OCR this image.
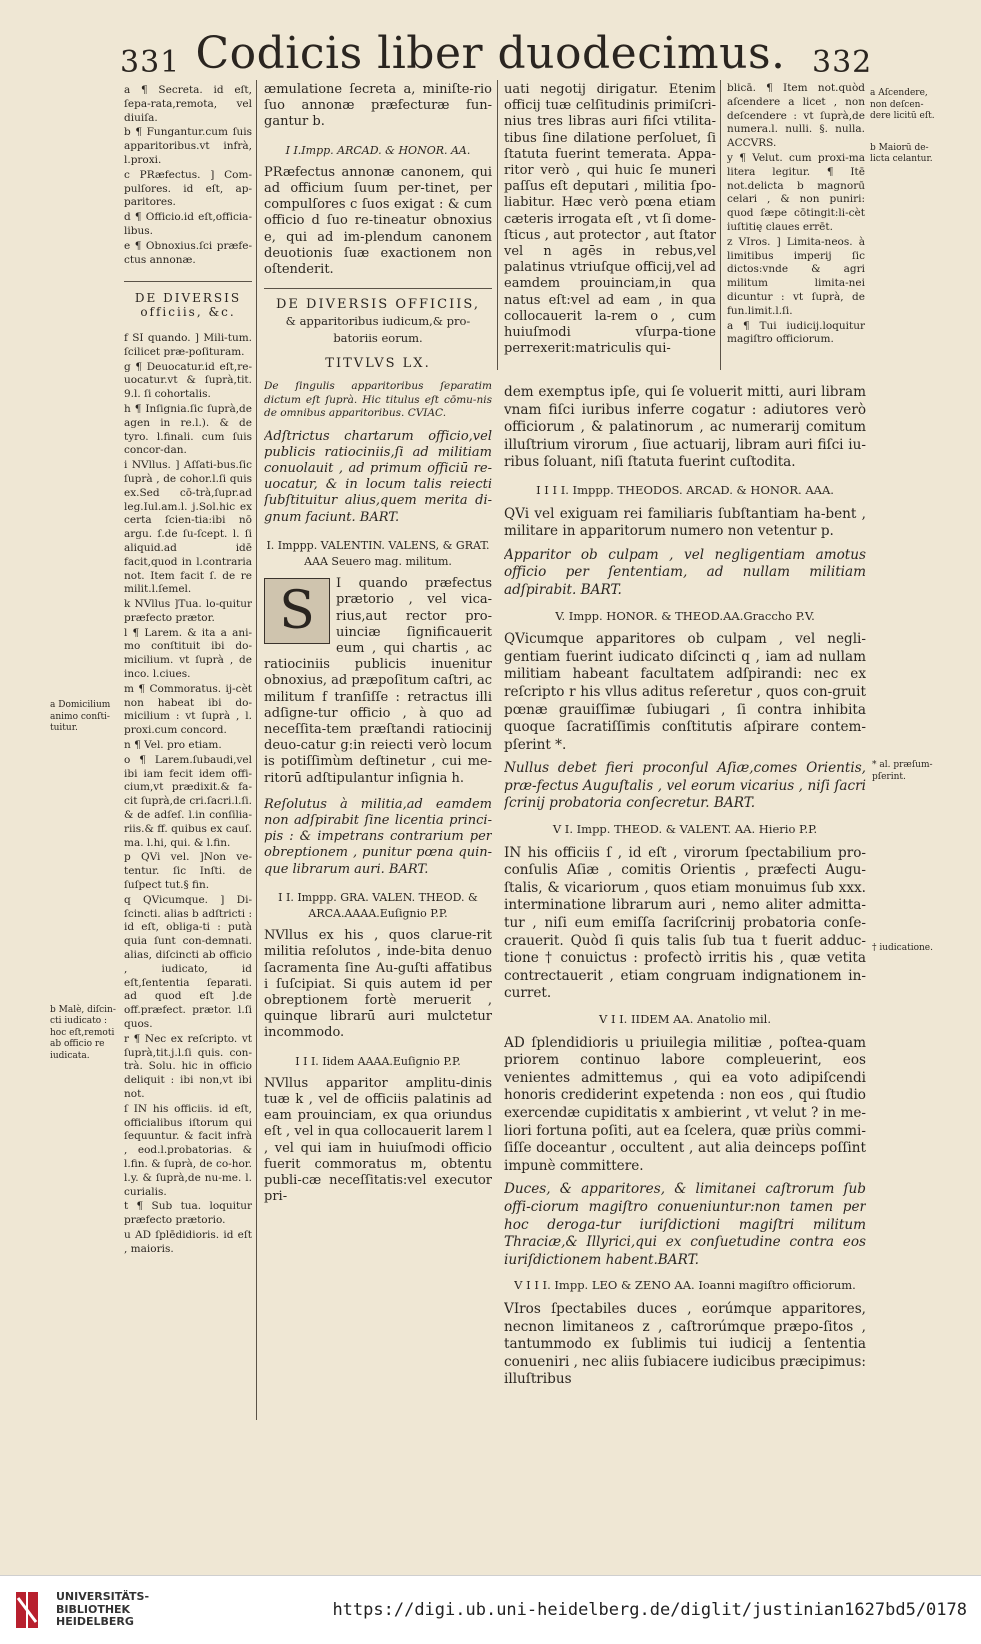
331 Codicis liber duodecimus. 332

a Domicilium animo conſti-tuitur.

b Malè, diſcin-cti iudicato : hoc eſt,remoti ab officio re iudicata.

a ¶ Secreta. id eſt, ſepa-rata,remota, vel diuiſa.

b ¶ Fungantur.cum ſuis apparitoribus.vt infrà, l.proxi.

c PRæfectus. ] Com-pulſores. id eſt, ap-paritores.

d ¶ Officio.id eſt,officia-libus.

e ¶ Obnoxius.ſci præfe-ctus annonæ.

DE DIVERSIS officiis, &c.

f SI quando. ] Mili-tum. ſcilicet præ-poſituram.

g ¶ Deuocatur.id eſt,re-uocatur.vt & ſuprà,tit. 9.l. ſi cohortalis.

h ¶ Inſignia.ſic ſuprà,de agen in re.l.). & de tyro. l.finali. cum ſuis concor-dan.

i NVllus. ] Aſſati-bus.ſic ſuprà , de cohor.l.ſi quis ex.Sed cō-trà,ſupr.ad leg.Iul.am.l. j.Sol.hic ex certa ſcien-tia:ibi nō argu. ſ.de ſu-ſcept. l. ſi aliquid.ad idē facit,quod in l.contraria not. Item facit ſ. de re milit.l.ſemel.

k NVllus ]Tua. lo-quitur præfecto prætor.

l ¶ Larem. & ita a ani-mo conſtituit ibi do-micilium. vt ſuprà , de inco. l.ciues.

m ¶ Commoratus. ij-cèt non habeat ibi do-micilium : vt ſuprà , l. proxi.cum concord.

n ¶ Vel. pro etiam.

o ¶ Larem.ſubaudi,vel ibi iam fecit idem offi-cium,vt prædixit.& fa-cit ſuprà,de cri.ſacri.l.ſi. & de adſeſ. l.in conſilia-riis.& ff. quibus ex cauſ. ma. l.hi, qui. & l.fin.

p QVi vel. ]Non ve-tentur. ſic Inſti. de ſuſpect tut.§ fin.

q QVicumque. ] Di-ſcincti. alias b adſtricti : id eſt, obliga-ti : putà quia ſunt con-demnati. alias, diſcincti ab officio , iudicato, id eſt,ſententia ſeparati. ad quod eſt ].de off.præfect. prætor. l.ſi quos.

r ¶ Nec ex reſcripto. vt ſuprà,tit.j.l.ſi quis. con-trà. Solu. hic in officio deliquit : ibi non,vt ibi not.

ſ IN his officiis. id eſt, officialibus iſtorum qui ſequuntur. & facit infrà , eod.l.probatorias. & l.fin. & ſuprà, de co-hor. l.y. & ſuprà,de nu-me. l. curialis.

t ¶ Sub tua. loquitur præfecto prætorio.

u AD ſplēdidioris. id eſt , maioris.

æmulatione ſecreta a, miniſte-rio ſuo annonæ præfecturæ fun-gantur b.

I I.Impp. ARCAD. & HONOR. AA.

PRæfectus annonæ canonem, qui ad officium ſuum per-tinet, per compulſores c ſuos exigat : & cum officio d ſuo re-tineatur obnoxius e, qui ad im-plendum canonem deuotionis ſuæ exactionem non oſtenderit.

DE DIVERSIS OFFICIIS,

& apparitoribus iudicum,& pro-batoriis eorum.

TITVLVS LX.

De ſingulis apparitoribus ſeparatim dictum eſt ſuprà. Hic titulus eſt cōmu-nis de omnibus apparitoribus. CVIAC.

Adſtrictus chartarum officio,vel publicis ratiociniis,ſi ad militiam conuolauit , ad primum officiū re-uocatur, & in locum talis reiecti ſubſtituitur alius,quem merita di-gnum faciunt. BART.

I. Imppp. VALENTIN. VALENS, & GRAT. AAA Seuero mag. militum.

S	I quando præfectus prætorio , vel vica-rius,aut rector pro-uinciæ ſignificauerit eum , qui chartis , ac ratiociniis publicis inuenitur obnoxius, ad præpoſitum caſtri, ac militum f tranſiſſe : retractus illi adſigne-tur officio , à quo ad neceſſita-tem præſtandi ratiocinij deuo-catur g:in reiecti verò locum is potiſſimùm deſtinetur , cui me-ritorū adſtipulantur inſignia h.

Reſolutus à militia,ad eamdem non adſpirabit ſine licentia princi-pis : & impetrans contrarium per obreptionem , punitur pœna quin-que librarum auri. BART.

I I. Imppp. GRA. VALEN. THEOD. & ARCA.AAAA.Euſignio P.P.

NVllus ex his , quos clarue-rit militia reſolutos , inde-bita denuo ſacramenta ſine Au-guſti affatibus i ſuſcipiat. Si quis autem id per obreptionem fortè meruerit , quinque librarū auri mulctetur incommodo.

I I I. Iidem AAAA.Euſignio P.P.

NVllus apparitor amplitu-dinis tuæ k , vel de officiis palatinis ad eam prouinciam, ex qua oriundus eſt , vel in qua collocauerit larem l , vel qui iam in huiuſmodi officio fuerit commoratus m, obtentu publi-cæ neceſſitatis:vel executor pri-

uati negotij dirigatur. Etenim officij tuæ celſitudinis primiſcri-nius tres libras auri fiſci vtilita-tibus ſine dilatione perſoluet, ſi ſtatuta fuerint temerata. Appa-ritor verò , qui huic ſe muneri paſſus eſt deputari , militia ſpo-liabitur. Hæc verò pœna etiam cæteris irrogata eſt , vt ſi dome-ſticus , aut protector , aut ſtator vel n agēs in rebus,vel palatinus vtriuſque officij,vel ad eamdem prouinciam,in qua natus eſt:vel ad eam , in qua collocauerit la-rem o , cum huiuſmodi vſurpa-tione perrexerit:matriculis qui-

blicā. ¶ Item not.quòd aſcendere a licet , non deſcendere : vt ſuprà,de numera.l. nulli. §. nulla. ACCVRS.

y ¶ Velut. cum proxi-ma litera legitur. ¶ Itē not.delicta b magnorū celari , & non puniri: quod ſæpe cōtingit:li-cèt iuſtitię claues errēt.

z VIros. ] Limita-neos. à limitibus imperij ſic dictos:vnde & agri militum limita-nei dicuntur : vt ſuprà, de fun.limit.l.ſi.

a ¶ Tui iudicij.loquitur magiſtro officiorum.

a Aſcendere, non deſcen-dere licitū eſt.

b Maiorū de-licta celantur.

dem exemptus ipſe, qui ſe voluerit mitti, auri libram vnam fiſci iuribus inferre cogatur : adiutores verò officiorum , & palatinorum , ac numerarij comitum illuſtrium virorum , ſiue actuarij, libram auri fiſci iu-ribus ſoluant, niſi ſtatuta fuerint cuſtodita.

I I I I. Imppp. THEODOS. ARCAD. & HONOR. AAA.

QVi vel exiguam rei familiaris ſubſtantiam ha-bent , militare in apparitorum numero non vetentur p.

Apparitor ob culpam , vel negligentiam amotus officio per ſententiam, ad nullam militiam adſpirabit. BART.

V. Impp. HONOR. & THEOD.AA.Graccho P.V.

QVicumque apparitores ob culpam , vel negli-gentiam fuerint iudicato diſcincti q , iam ad nullam militiam habeant facultatem adſpirandi: nec ex reſcripto r his vllus aditus reſeretur , quos con-gruit pœnæ grauiſſimæ ſubiugari , ſi contra inhibita quoque ſacratiſſimis conſtitutis aſpirare contem-pſerint *.

Nullus debet fieri proconſul Aſiæ,comes Orientis, præ-fectus Auguſtalis , vel eorum vicarius , niſi ſacri ſcrinij probatoria conſecretur. BART.

V I. Impp. THEOD. & VALENT. AA. Hierio P.P.

IN his officiis ſ , id eſt , virorum ſpectabilium pro-conſulis Aſiæ , comitis Orientis , præfecti Augu-ſtalis, & vicariorum , quos etiam monuimus ſub xxx. interminatione librarum auri , nemo aliter admitta-tur , niſi eum emiſſa ſacriſcrinij probatoria conſe-crauerit. Quòd ſi quis talis ſub tua t fuerit adduc-tione † conuictus : profectò irritis his , quæ vetita contrectauerit , etiam congruam indignationem in-curret.

V I I. IIDEM AA. Anatolio mil.

AD ſplendidioris u priuilegia militiæ , poſtea-quam priorem continuo labore compleuerint, eos venientes admittemus , qui ea voto adipiſcendi honoris crediderint expetenda : non eos , qui ſtudio exercendæ cupiditatis x ambierint , vt velut ? in me-liori fortuna poſiti, aut ea ſcelera, quæ priùs commi-ſiſſe doceantur , occultent , aut alia deinceps poſſint impunè committere.

Duces, & apparitores, & limitanei caſtrorum ſub offi-ciorum magiſtro conueniuntur:non tamen per hoc deroga-tur iuriſdictioni magiſtri militum Thraciæ,& Illyrici,qui ex conſuetudine contra eos iuriſdictionem habent.BART.

V I I I. Impp. LEO & ZENO AA. Ioanni magiſtro officiorum.

VIros ſpectabiles duces , eorúmque apparitores, necnon limitaneos z , caſtrorúmque præpo-ſitos , tantummodo ex ſublimis tui iudicij a ſententia conueniri , nec aliis ſubiacere iudicibus præcipimus: illuſtribus

* al. præſum-pſerint.

† iudicatione.

UNIVERSITÄTS-
BIBLIOTHEK
HEIDELBERG
https://digi.ub.uni-heidelberg.de/diglit/justinian1627bd5/0178
